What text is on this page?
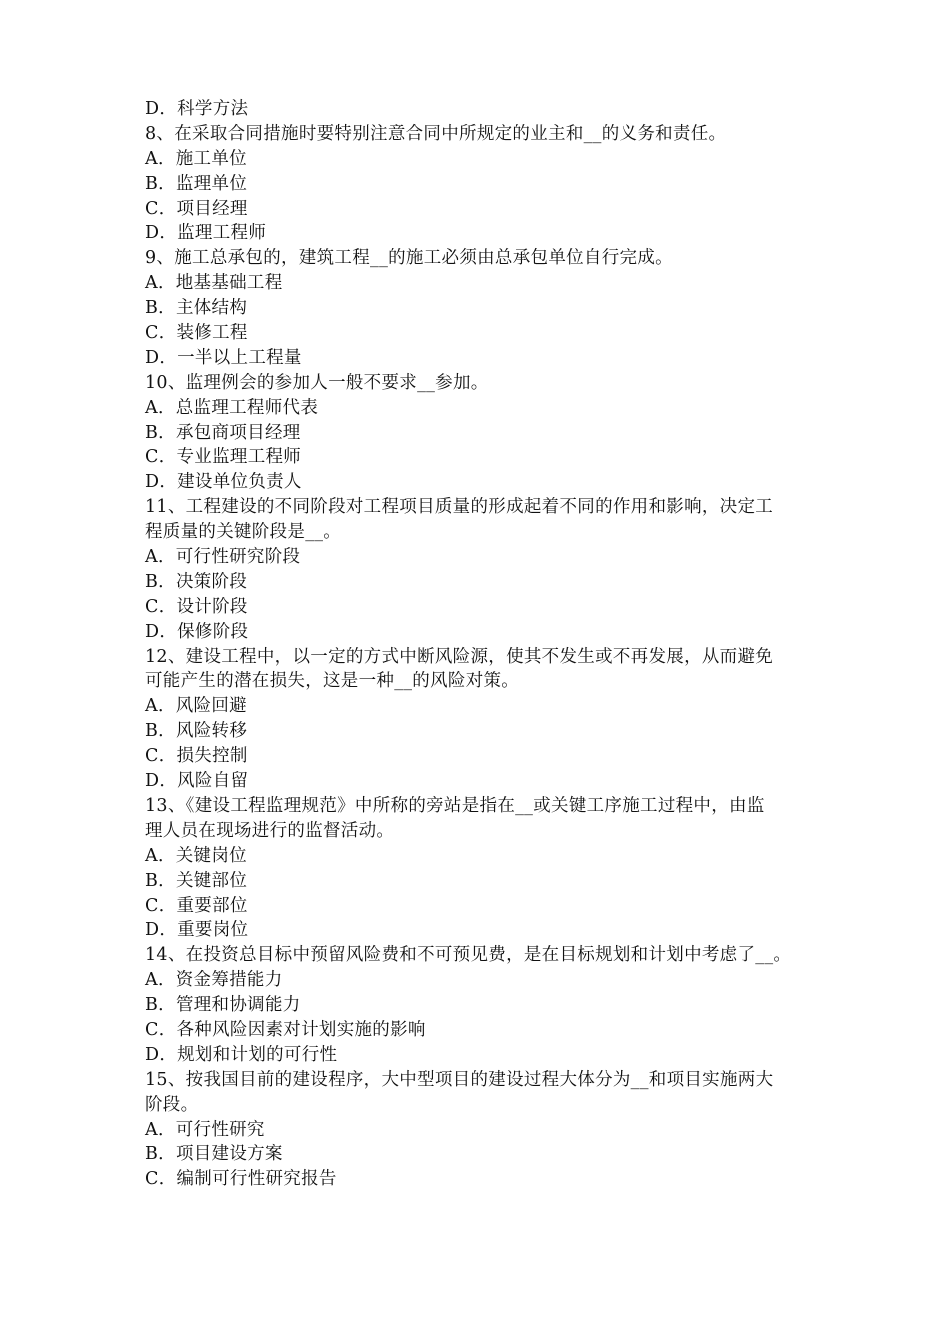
D．科学方法
8、在采取合同措施时要特别注意合同中所规定的业主和__的义务和责任。
A．施工单位
B．监理单位
C．项目经理
D．监理工程师
9、施工总承包的，建筑工程__的施工必须由总承包单位自行完成。
A．地基基础工程
B．主体结构
C．装修工程
D．一半以上工程量
10、监理例会的参加人一般不要求__参加。
A．总监理工程师代表
B．承包商项目经理
C．专业监理工程师
D．建设单位负责人
11、工程建设的不同阶段对工程项目质量的形成起着不同的作用和影响，决定工
程质量的关键阶段是__。
A．可行性研究阶段
B．决策阶段
C．设计阶段
D．保修阶段
12、建设工程中，以一定的方式中断风险源，使其不发生或不再发展，从而避免
可能产生的潜在损失，这是一种__的风险对策。
A．风险回避
B．风险转移
C．损失控制
D．风险自留
13、《建设工程监理规范》中所称的旁站是指在__或关键工序施工过程中，由监
理人员在现场进行的监督活动。
A．关键岗位
B．关键部位
C．重要部位
D．重要岗位
14、在投资总目标中预留风险费和不可预见费，是在目标规划和计划中考虑了__。
A．资金筹措能力
B．管理和协调能力
C．各种风险因素对计划实施的影响
D．规划和计划的可行性
15、按我国目前的建设程序，大中型项目的建设过程大体分为__和项目实施两大
阶段。
A．可行性研究
B．项目建设方案
C．编制可行性研究报告
